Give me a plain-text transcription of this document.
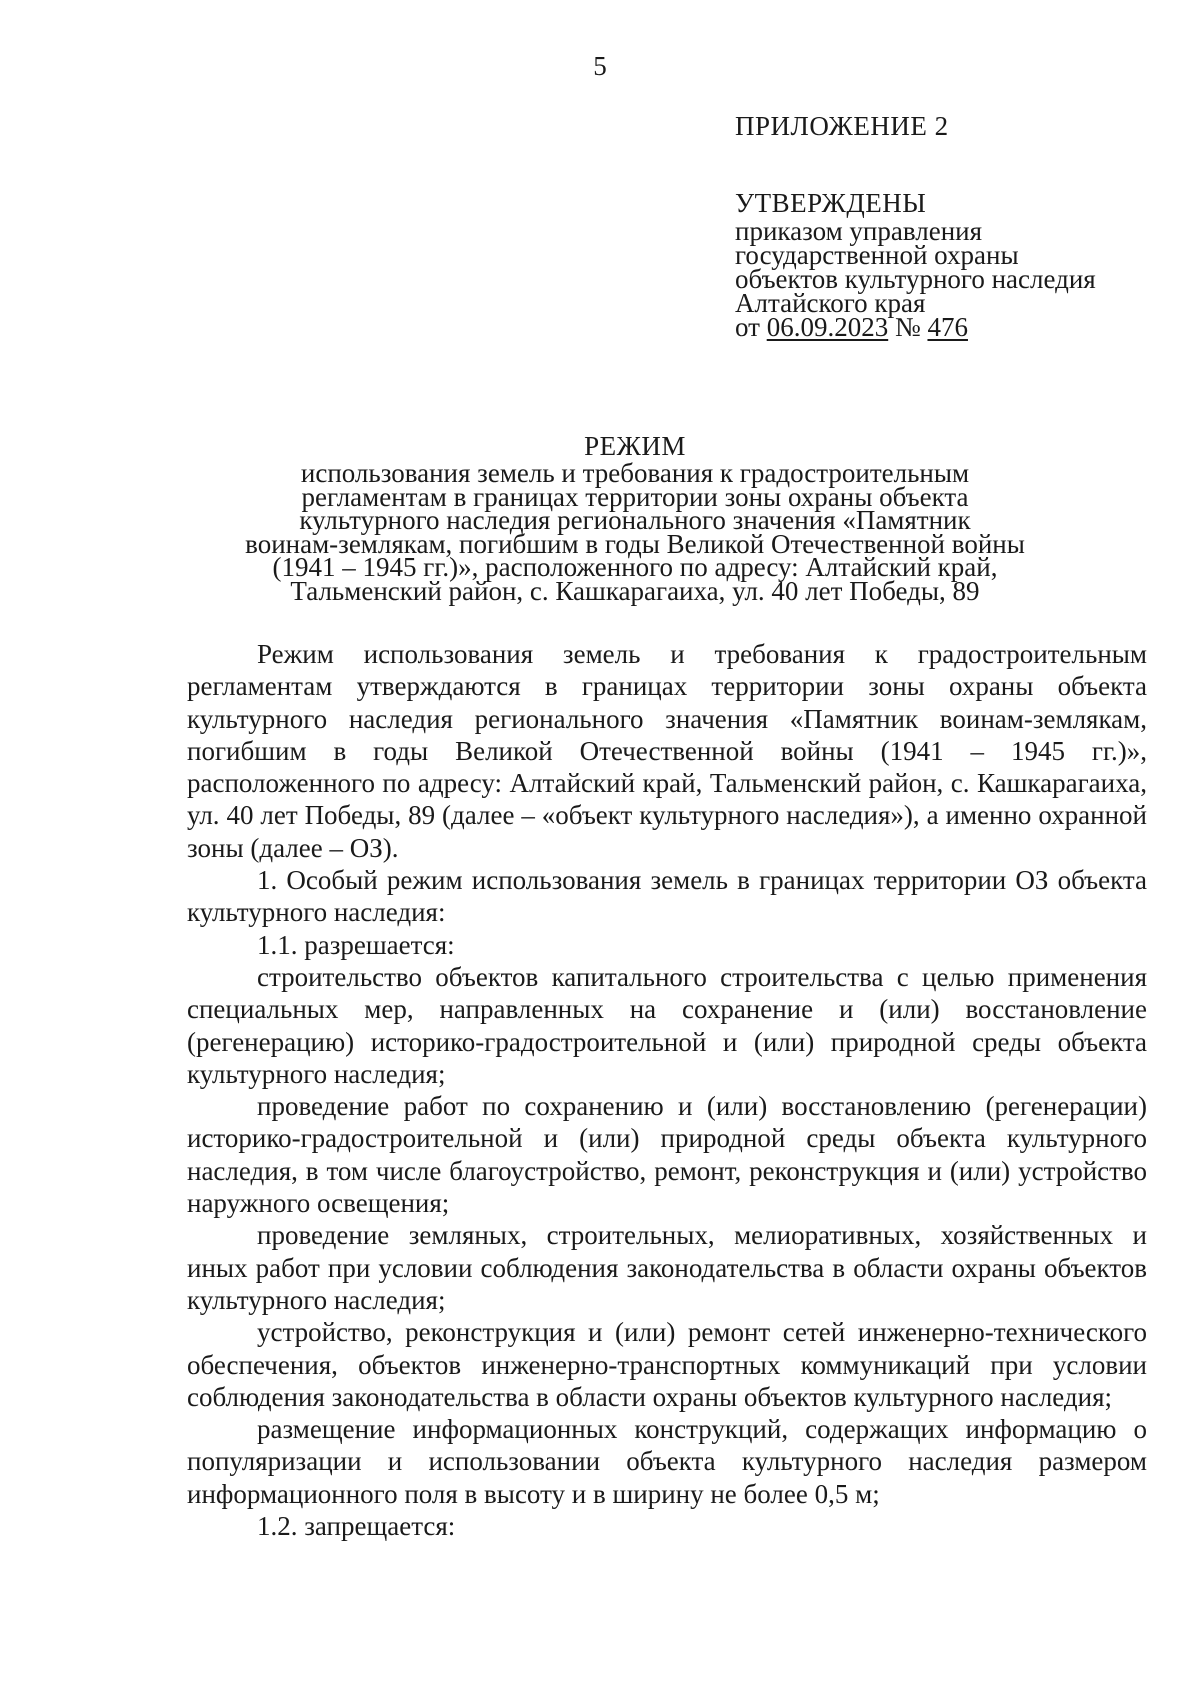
5
ПРИЛОЖЕНИЕ 2
УТВЕРЖДЕНЫ
приказом управления
государственной охраны
объектов культурного наследия
Алтайского края
от 06.09.2023 № 476
РЕЖИМ
использования земель и требования к градостроительным
регламентам в границах территории зоны охраны объекта
культурного наследия регионального значения «Памятник
воинам-землякам, погибшим в годы Великой Отечественной войны
(1941 – 1945 гг.)», расположенного по адресу: Алтайский край,
Тальменский район, с. Кашкарагаиха, ул. 40 лет Победы, 89

Режим использования земель и требования к градостроительным регламентам утверждаются в границах территории зоны охраны объекта культурного наследия регионального значения «Памятник воинам-землякам, погибшим в годы Великой Отечественной войны (1941 – 1945 гг.)», расположенного по адресу: Алтайский край, Тальменский район, с. Кашкарагаиха, ул. 40 лет Победы, 89 (далее – «объект культурного наследия»), а именно охранной зоны (далее – ОЗ).

1. Особый режим использования земель в границах территории ОЗ объекта культурного наследия:

1.1. разрешается:

строительство объектов капитального строительства с целью применения специальных мер, направленных на сохранение и (или) восстановление (регенерацию) историко-градостроительной и (или) природной среды объекта культурного наследия;

проведение работ по сохранению и (или) восстановлению (регенерации) историко-градостроительной и (или) природной среды объекта культурного наследия, в том числе благоустройство, ремонт, реконструкция и (или) устройство наружного освещения;

проведение земляных, строительных, мелиоративных, хозяйственных и иных работ при условии соблюдения законодательства в области охраны объектов культурного наследия;

устройство, реконструкция и (или) ремонт сетей инженерно-технического обеспечения, объектов инженерно-транспортных коммуникаций при условии соблюдения законодательства в области охраны объектов культурного наследия;

размещение информационных конструкций, содержащих информацию о популяризации и использовании объекта культурного наследия размером информационного поля в высоту и в ширину не более 0,5 м;

1.2. запрещается:
